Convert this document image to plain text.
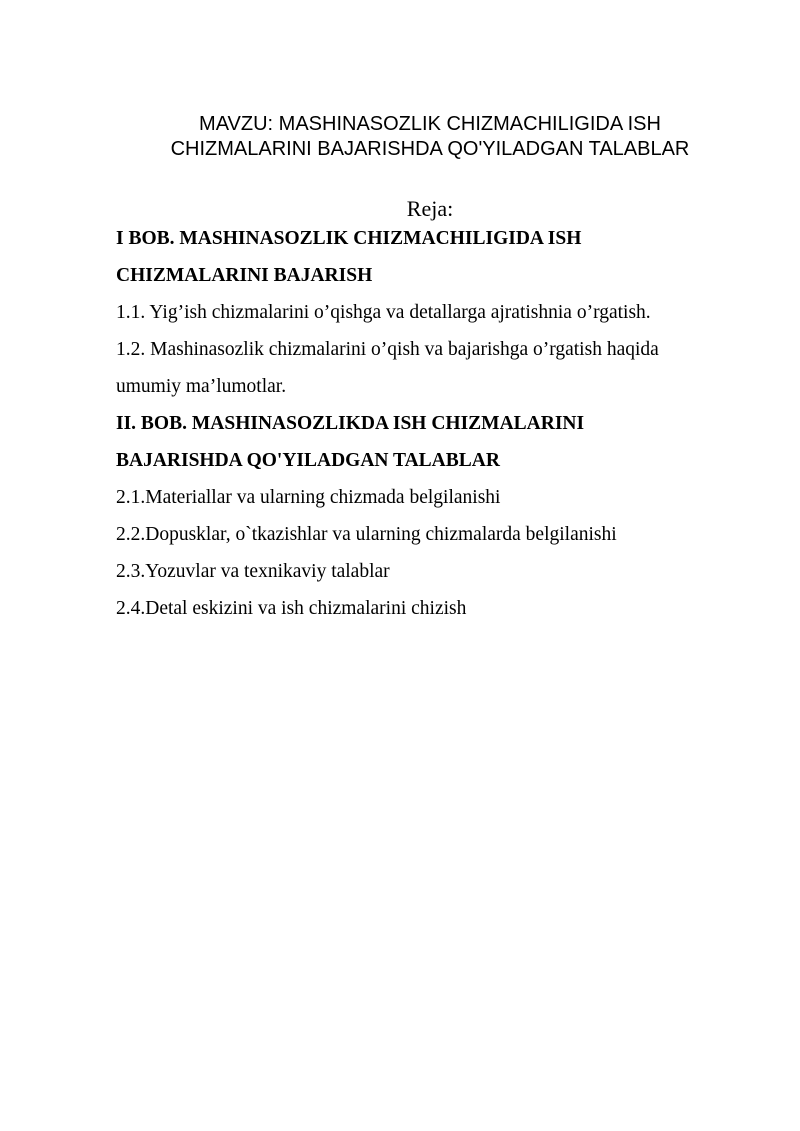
MAVZU: MASHINASOZLIK CHIZMACHILIGIDA ISH
CHIZMALARINI BAJARISHDA QO'YILADGAN TALABLAR
Reja:
I BOB. MASHINASOZLIK CHIZMACHILIGIDA ISH
CHIZMALARINI BAJARISH
1.1. Yig’ish chizmalarini o’qishga va detallarga ajratishnia o’rgatish.
1.2. Mashinasozlik chizmalarini o’qish va bajarishga o’rgatish haqida
umumiy ma’lumotlar.
II. BOB. MASHINASOZLIKDA ISH CHIZMALARINI
BAJARISHDA QO'YILADGAN TALABLAR
2.1.Materiallar va ularning chizmada belgilanishi
2.2.Dopusklar, o`tkazishlar va ularning chizmalarda belgilanishi
2.3.Yozuvlar va texnikaviy talablar
2.4.Detal eskizini va ish chizmalarini chizish
